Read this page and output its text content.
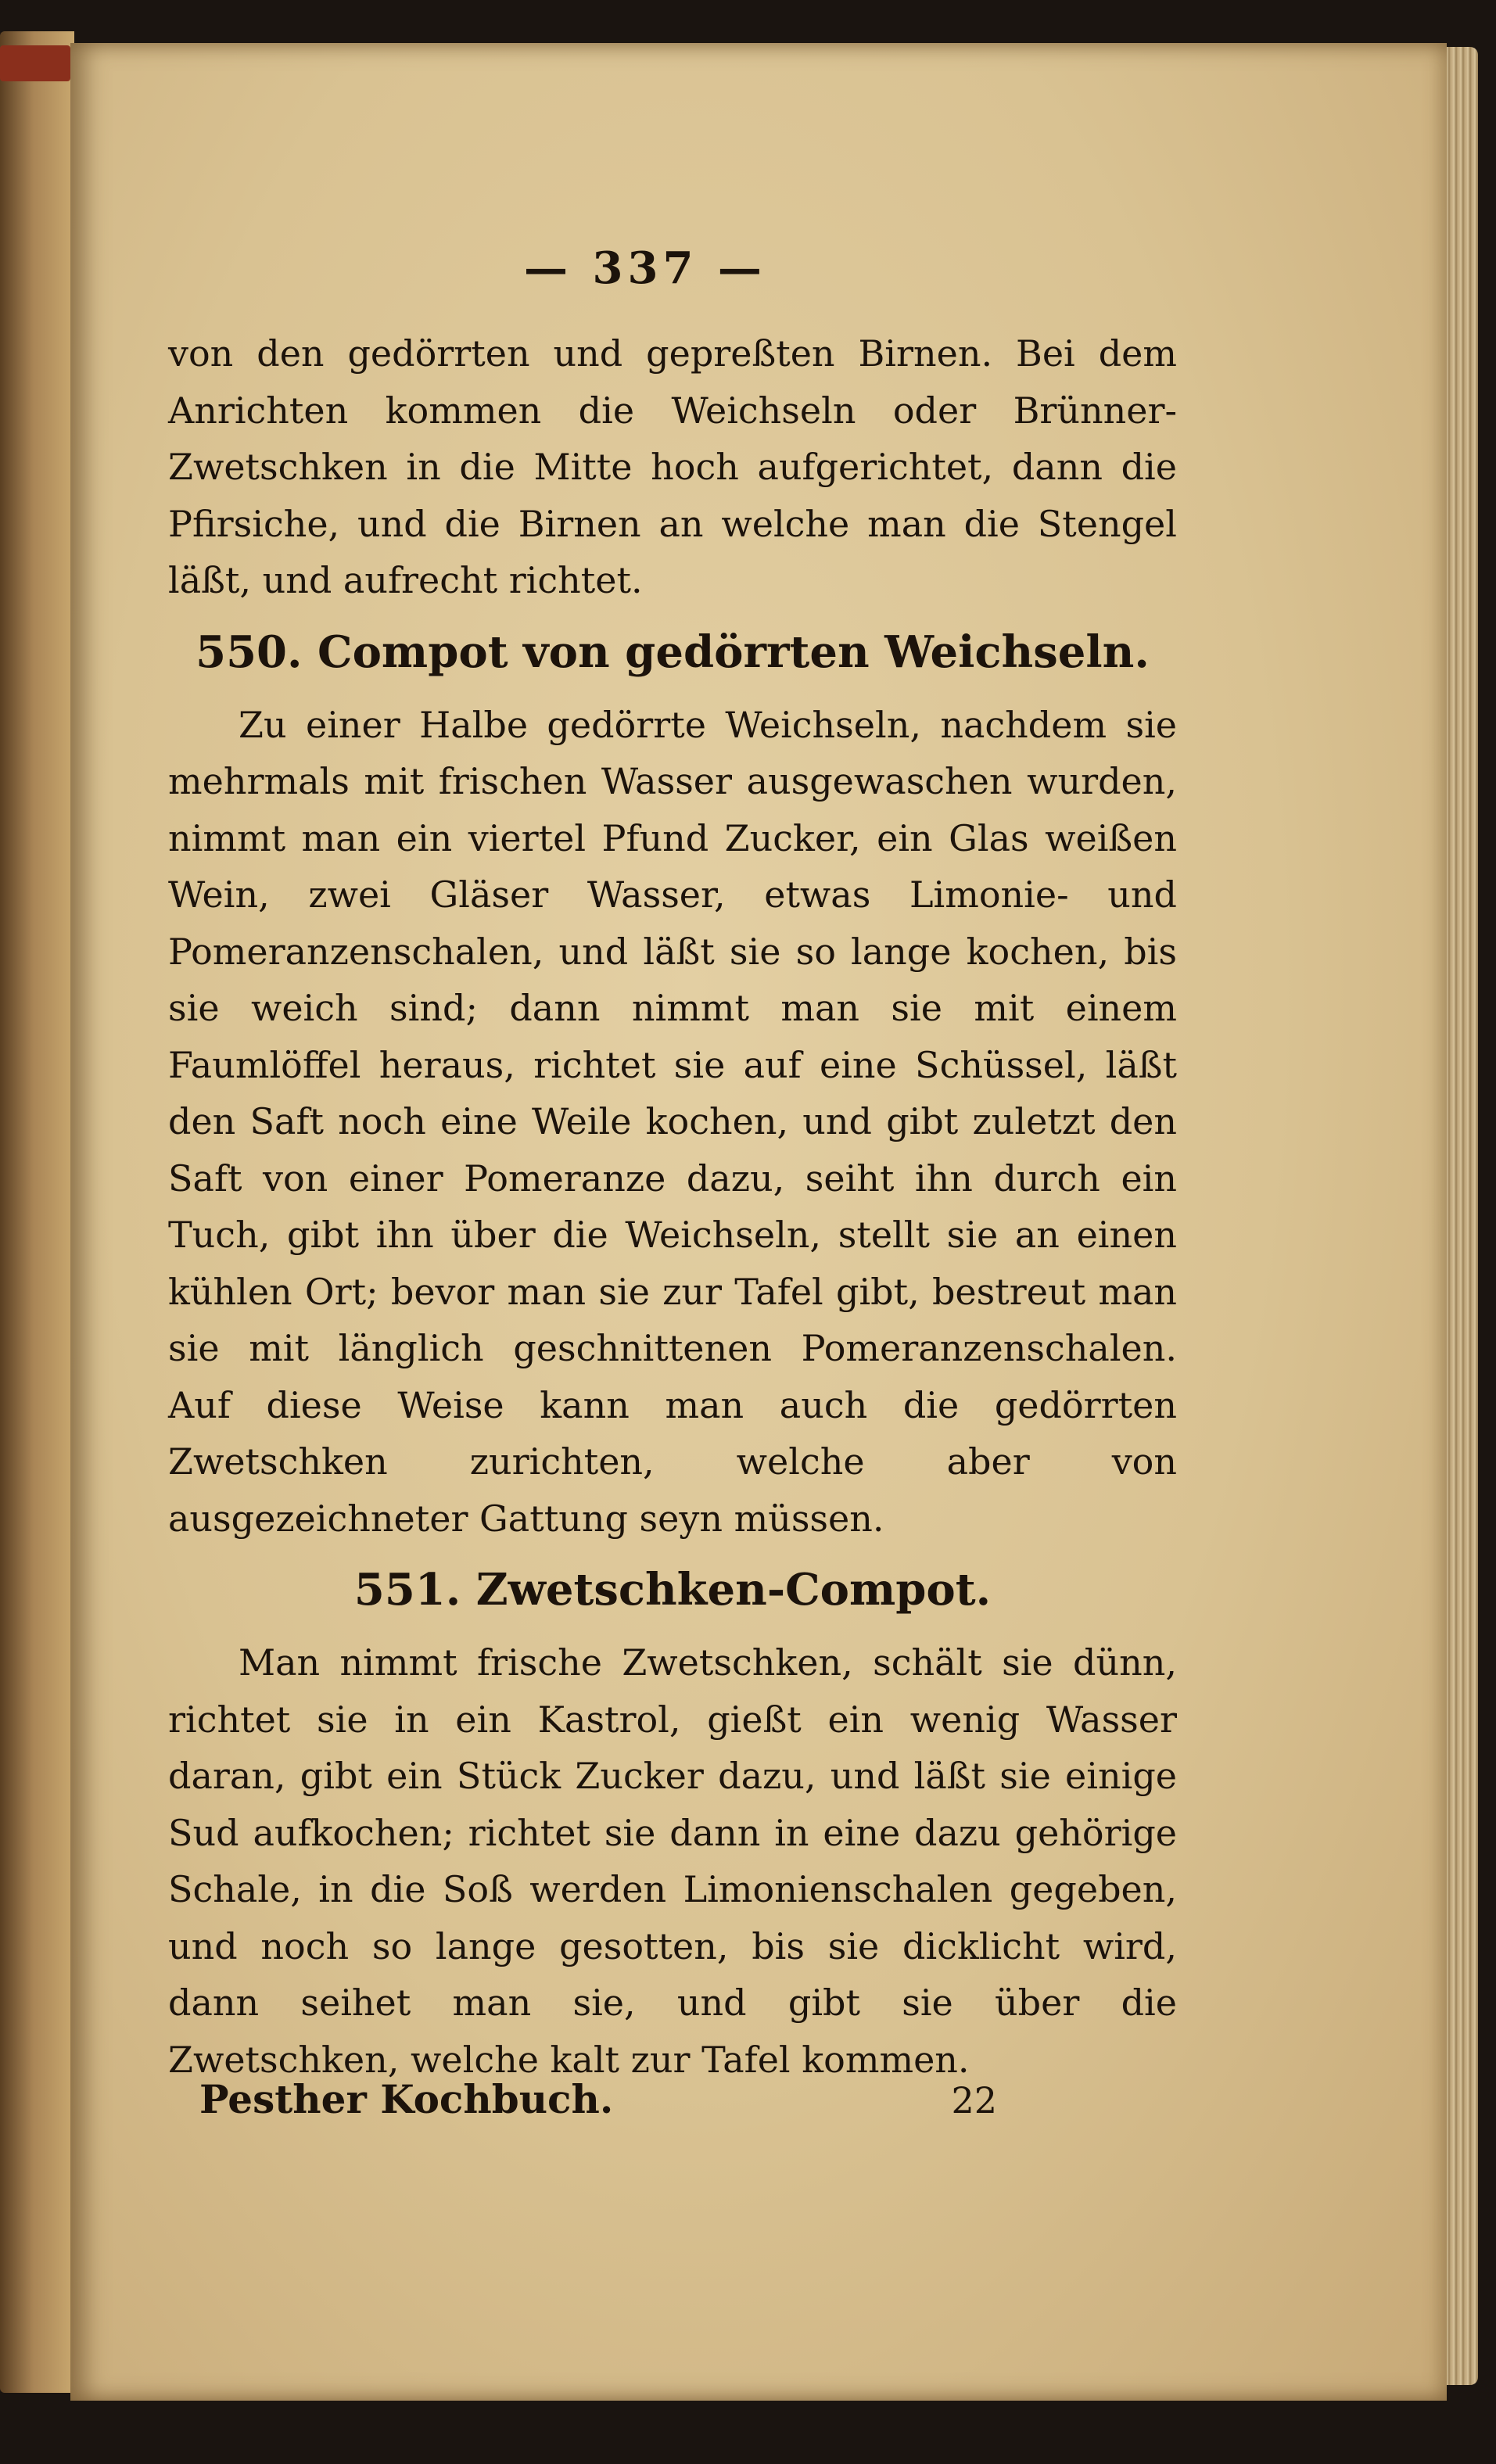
— 337 —

von den gedörrten und gepreßten Birnen. Bei dem Anrichten kommen die Weichseln oder Brünner-Zwetschken in die Mitte hoch aufgerichtet, dann die Pfirsiche, und die Birnen an welche man die Stengel läßt, und aufrecht richtet.

550. Compot von gedörrten Weichseln.

Zu einer Halbe gedörrte Weichseln, nachdem sie mehrmals mit frischen Wasser ausgewaschen wurden, nimmt man ein viertel Pfund Zucker, ein Glas weißen Wein, zwei Gläser Wasser, etwas Limonie- und Pomeranzenschalen, und läßt sie so lange kochen, bis sie weich sind; dann nimmt man sie mit einem Faumlöffel heraus, richtet sie auf eine Schüssel, läßt den Saft noch eine Weile kochen, und gibt zuletzt den Saft von einer Pomeranze dazu, seiht ihn durch ein Tuch, gibt ihn über die Weichseln, stellt sie an einen kühlen Ort; bevor man sie zur Tafel gibt, bestreut man sie mit länglich geschnittenen Pomeranzenschalen. Auf diese Weise kann man auch die gedörrten Zwetschken zurichten, welche aber von ausgezeichneter Gattung seyn müssen.

551. Zwetschken-Compot.

Man nimmt frische Zwetschken, schält sie dünn, richtet sie in ein Kastrol, gießt ein wenig Wasser daran, gibt ein Stück Zucker dazu, und läßt sie einige Sud aufkochen; richtet sie dann in eine dazu gehörige Schale, in die Soß werden Limonienschalen gegeben, und noch so lange gesotten, bis sie dicklicht wird, dann seihet man sie, und gibt sie über die Zwetschken, welche kalt zur Tafel kommen.

Pesther Kochbuch.	22
